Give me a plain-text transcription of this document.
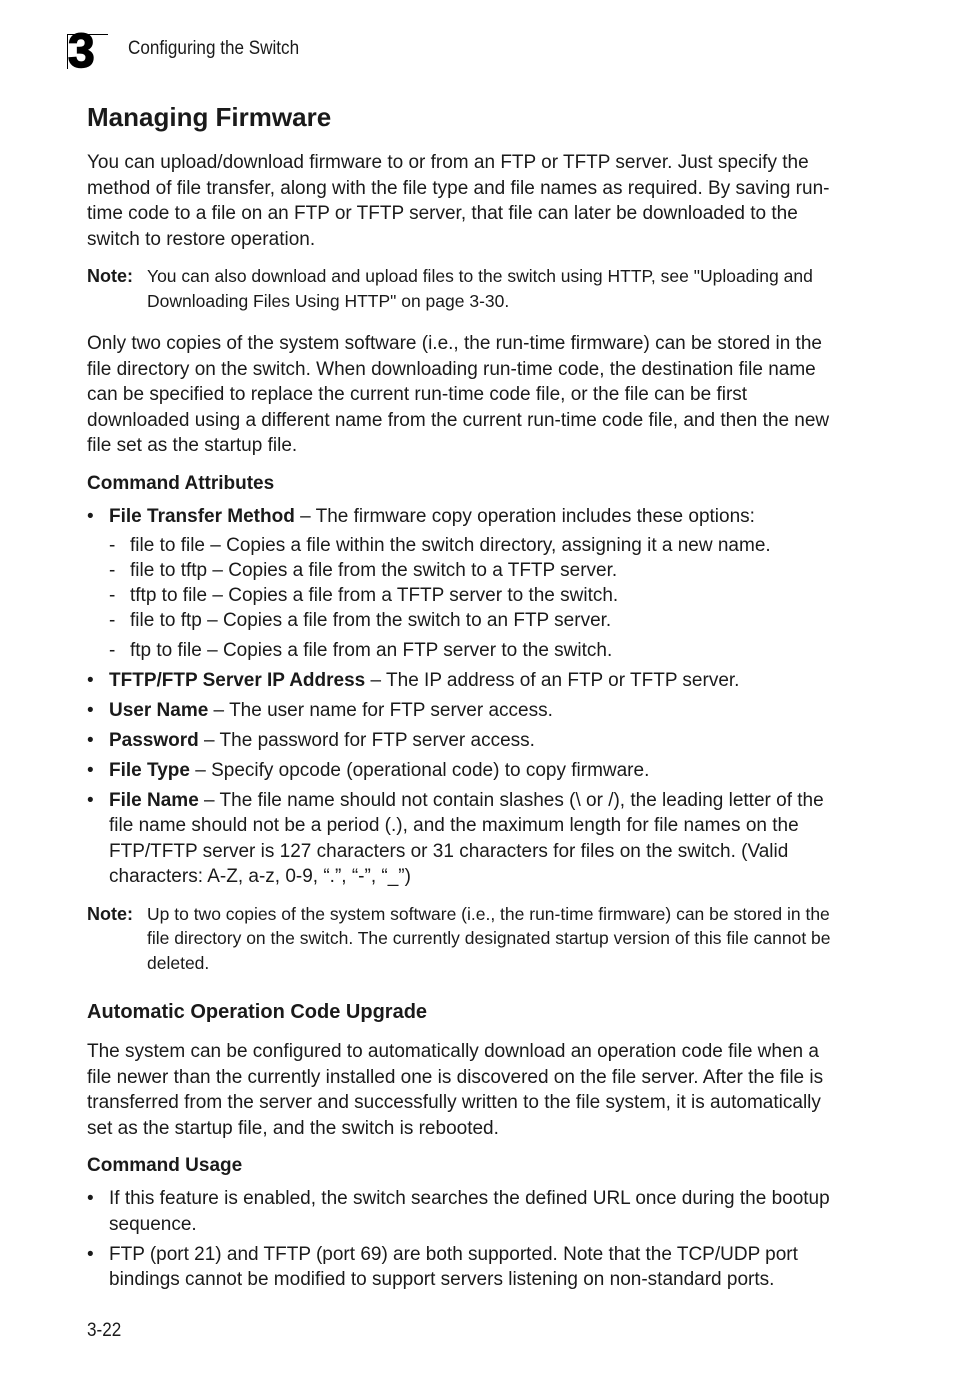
3 Configuring the Switch
Managing Firmware

You can upload/download firmware to or from an FTP or TFTP server. Just specify the method of file transfer, along with the file type and file names as required. By saving run-time code to a file on an FTP or TFTP server, that file can later be downloaded to the switch to restore operation.

Note: You can also download and upload files to the switch using HTTP, see "Uploading and Downloading Files Using HTTP" on page 3-30.

Only two copies of the system software (i.e., the run-time firmware) can be stored in the file directory on the switch. When downloading run-time code, the destination file name can be specified to replace the current run-time code file, or the file can be first downloaded using a different name from the current run-time code file, and then the new file set as the startup file.

Command Attributes
• File Transfer Method – The firmware copy operation includes these options:
- file to file – Copies a file within the switch directory, assigning it a new name.
- file to tftp – Copies a file from the switch to a TFTP server.
- tftp to file – Copies a file from a TFTP server to the switch.
- file to ftp – Copies a file from the switch to an FTP server.
- ftp to file – Copies a file from an FTP server to the switch.
• TFTP/FTP Server IP Address – The IP address of an FTP or TFTP server.
• User Name – The user name for FTP server access.
• Password – The password for FTP server access.
• File Type – Specify opcode (operational code) to copy firmware.
• File Name – The file name should not contain slashes (\ or /), the leading letter of the file name should not be a period (.), and the maximum length for file names on the FTP/TFTP server is 127 characters or 31 characters for files on the switch. (Valid characters: A-Z, a-z, 0-9, “.”, “-”, “_”)
Note: Up to two copies of the system software (i.e., the run-time firmware) can be stored in the file directory on the switch. The currently designated startup version of this file cannot be deleted.
Automatic Operation Code Upgrade

The system can be configured to automatically download an operation code file when a file newer than the currently installed one is discovered on the file server. After the file is transferred from the server and successfully written to the file system, it is automatically set as the startup file, and the switch is rebooted.

Command Usage
• If this feature is enabled, the switch searches the defined URL once during the bootup sequence.
• FTP (port 21) and TFTP (port 69) are both supported. Note that the TCP/UDP port bindings cannot be modified to support servers listening on non-standard ports.
3-22
